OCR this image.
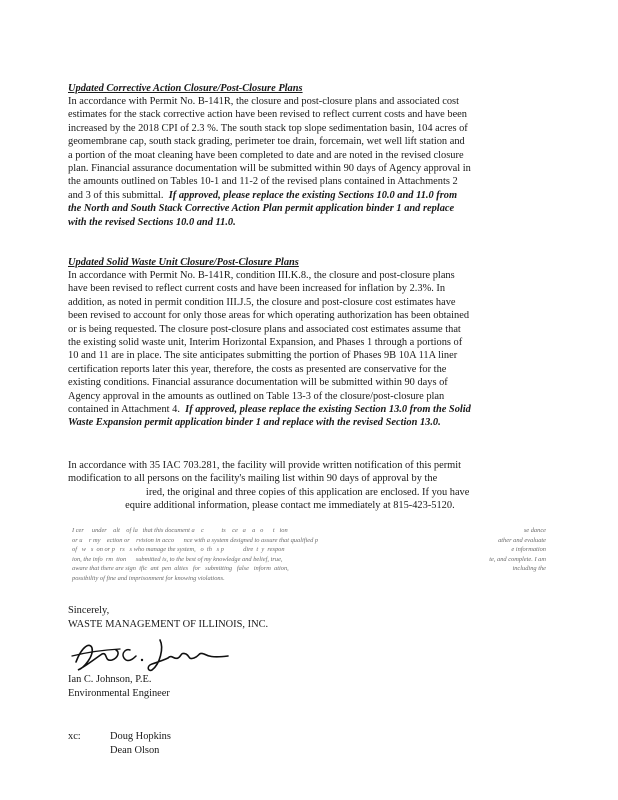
Updated Corrective Action Closure/Post-Closure Plans
In accordance with Permit No. B-141R, the closure and post-closure plans and associated cost
estimates for the stack corrective action have been revised to reflect current costs and have been
increased by the 2018 CPI of 2.3 %. The south stack top slope sedimentation basin, 104 acres of
geomembrane cap, south stack grading, perimeter toe drain, forcemain, wet well lift station and
a portion of the moat cleaning have been completed to date and are noted in the revised closure
plan. Financial assurance documentation will be submitted within 90 days of Agency approval in
the amounts outlined on Tables 10-1 and 11-2 of the revised plans contained in Attachments 2
and 3 of this submittal.  If approved, please replace the existing Sections 10.0 and 11.0 from
the North and South Stack Corrective Action Plan permit application binder 1 and replace
with the revised Sections 10.0 and 11.0.
Updated Solid Waste Unit Closure/Post-Closure Plans
In accordance with Permit No. B-141R, condition III.K.8., the closure and post-closure plans
have been revised to reflect current costs and have been increased for inflation by 2.3%. In
addition, as noted in permit condition III.J.5, the closure and post-closure cost estimates have
been revised to account for only those areas for which operating authorization has been obtained
or is being requested. The closure post-closure plans and associated cost estimates assume that
the existing solid waste unit, Interim Horizontal Expansion, and Phases 1 through a portions of
10 and 11 are in place. The site anticipates submitting the portion of Phases 9B 10A 11A liner
certification reports later this year, therefore, the costs as presented are conservative for the
existing conditions. Financial assurance documentation will be submitted within 90 days of
Agency approval in the amounts as outlined on Table 13-3 of the closure/post-closure plan
contained in Attachment 4.  If approved, please replace the existing Section 13.0 from the Solid
Waste Expansion permit application binder 1 and replace with the revised Section 13.0.
In accordance with 35 IAC 703.281, the facility will provide written notification of this permit
modification to all persons on the facility's mailing list within 90 days of approval by the
ired, the original and three copies of this application are enclosed. If you have
equire additional information, please contact me immediately at 815-423-5120.
I cer     under    alt    of la   that this document a    c           ts    ce   a    a   o      t   ion
or u    r my    ection or    rvision in acco      nce with a system designed to assure that qualified p
of   w   s  on or p   rs   s who manage the system,   o  th   s p            dire  t  y  respon
ion, the info  rm  tion      submitted is, to the best of my knowledge and belief, true,
aware that there are sign  ific  ant  pen  alties   for   submitting   false   inform  ation,
possibility of fine and imprisonment for knowing violations.
se dance
ather and evaluate
e information
te, and complete. I am
including the
Sincerely,
WASTE MANAGEMENT OF ILLINOIS, INC.
Ian C. Johnson, P.E.
Environmental Engineer
xc:	Doug Hopkins
Dean Olson
